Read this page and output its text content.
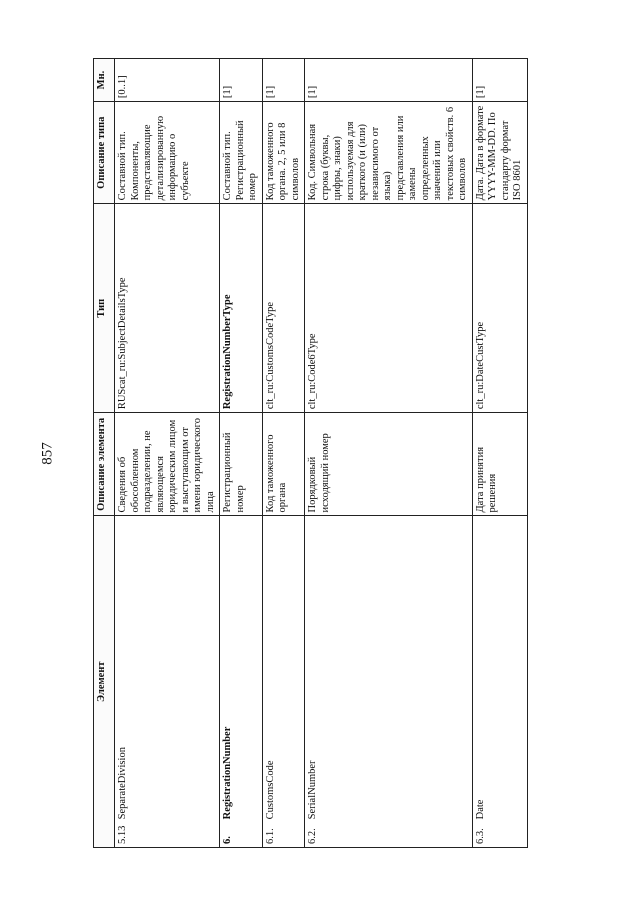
857
Элемент	Описание элемента	Тип	Описание типа	Мн.
5.13 SeparateDivision	Сведения об обособленном подразделении, не являющемся юридическим лицом и выступающим от имени юридического лица	RUScat_ru:SubjectDetailsType	Составной тип. Компоненты, представляющие детализированную информацию о субъекте	[0..1]
6. RegistrationNumber	Регистрационный номер	RegistrationNumberType	Составной тип. Регистрационный номер	[1]
6.1. CustomsCode	Код таможенного органа	clt_ru:CustomsCodeType	Код таможенного органа. 2, 5 или 8 символов	[1]
6.2. SerialNumber	Порядковый исходящий номер	clt_ru:Code6Type	Код. Символьная строка (буквы, цифры, знаки) используемая для краткого (и (или) независимого от языка) представления или замены определенных значений или текстовых свойств. 6 символов	[1]
6.3. Date	Дата принятия решения	clt_ru:DateCustType	Дата. Дата в формате YYYY-MM-DD. По стандарту формат ISO 8601	[1]
